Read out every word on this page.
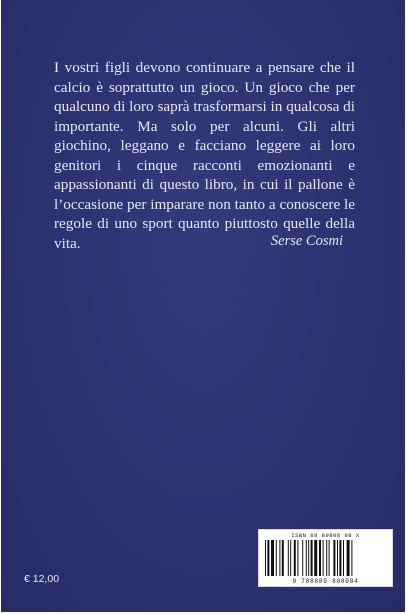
I vostri figli devono continuare a pensare che il calcio è soprattutto un gioco. Un gioco che per qualcuno di loro saprà trasformarsi in qualcosa di importante. Ma solo per alcuni. Gli altri giochino, leggano e facciano leggere ai loro genitori i cinque racconti emozionanti e appassionanti di questo libro, in cui il pallone è l’occasione per imparare non tanto a conoscere le regole di uno sport quanto piuttosto quelle della vita.	Serse Cosmi
ISBN 88 89808 08 X
9 788889 808084
€ 12,00
